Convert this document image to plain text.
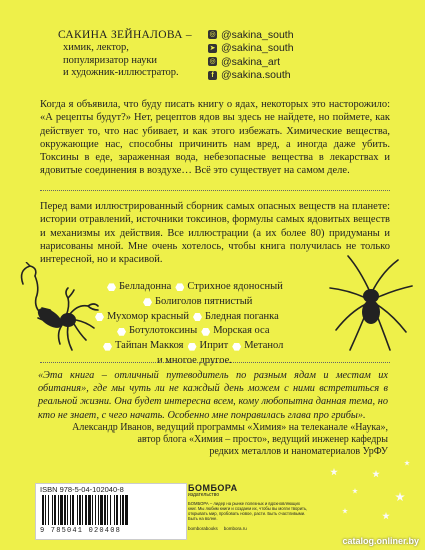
САКИНА ЗЕЙНАЛОВА –
химик, лектор,
популяризатор науки
и художник-иллюстратор.
◎ @sakina_south
➤ @sakina_south
◎ @sakina_art
f @sakina.south
Когда я объявила, что буду писать книгу о ядах, некоторых это насторожило: «А рецепты будут?» Нет, рецептов ядов вы здесь не найдете, но поймете, как действует то, что нас убивает, и как этого избежать. Химические вещества, окружающие нас, способны причинить нам вред, а иногда даже убить. Токсины в еде, зараженная вода, небезопасные вещества в лекарствах и ядовитые соединения в воздухе… Всё это существует на самом деле.
Перед вами иллюстрированный сборник самых опасных веществ на планете: истории отравлений, источники токсинов, формулы самых ядовитых веществ и механизмы их действия. Все иллюстрации (а их более 80) придуманы и нарисованы мной. Мне очень хотелось, чтобы книга получилась не только интересной, но и красивой.
Белладонна Стрихное ядоносный
Болиголов пятнистый
Мухомор красный Бледная поганка
Ботулотоксины Морская оса
Тайпан Маккоя Иприт Метанол
и многое другое.
«Эта книга – отличный путеводитель по разным ядам и местам их обитания», где мы чуть ли не каждый день можем с ними встретиться в реальной жизни. Она будет интересна всем, кому любопытна данная тема, но кто не знает, с чего начать. Особенно мне понравилась глава про грибы».
Александр Иванов, ведущий программы «Химия» на телеканале «Наука»,
автор блога «Химия – просто», ведущий инженер кафедры
редких металлов и наноматериалов УрФУ
ISBN 978-5-04-102040-8
9 785041 020408
БОМБОРА
издательство
БОМБОРА – лидер на рынке полезных и вдохновляющих книг. Мы любим книги и создаем их, чтобы вы могли творить, открывать мир, пробовать новое, расти. Быть счастливыми. Быть на волне.
bomborabooks bombora.ru
catalog.onliner.by
